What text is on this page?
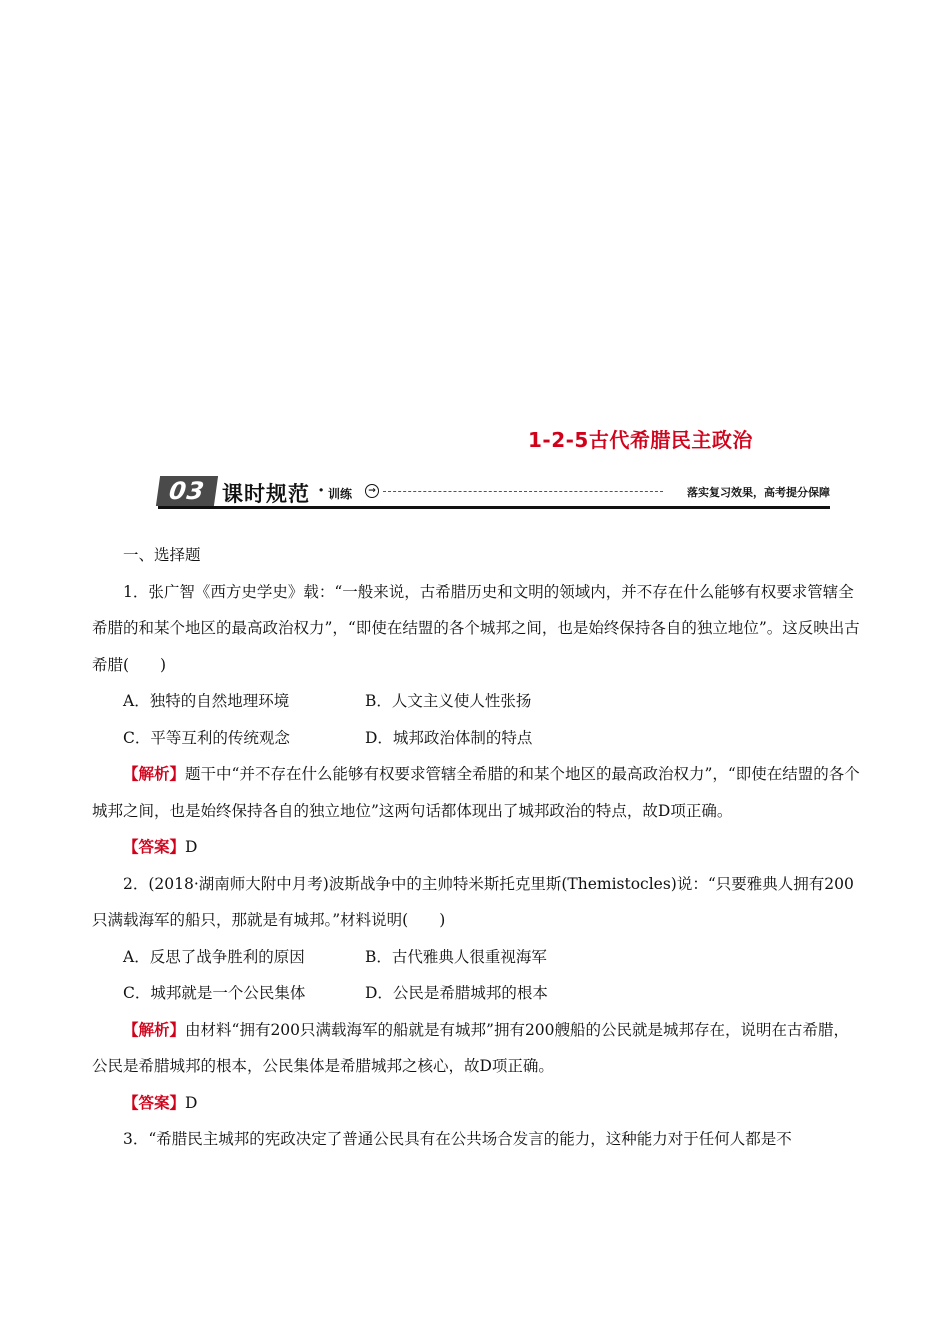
1-2-5古代希腊民主政治
03 课时规范 · 训练	→	落实复习效果，高考提分保障

一、选择题

1．张广智《西方史学史》载：“一般来说，古希腊历史和文明的领域内，并不存在什么能够有权要求管辖全希腊的和某个地区的最高政治权力”，“即使在结盟的各个城邦之间，也是始终保持各自的独立地位”。这反映出古希腊(　　)

A．独特的自然地理环境	B．人文主义使人性张扬
C．平等互利的传统观念	D．城邦政治体制的特点

【解析】题干中“并不存在什么能够有权要求管辖全希腊的和某个地区的最高政治权力”，“即使在结盟的各个城邦之间，也是始终保持各自的独立地位”这两句话都体现出了城邦政治的特点，故D项正确。

【答案】D

2．(2018·湖南师大附中月考)波斯战争中的主帅特米斯托克里斯(Themistocles)说：“只要雅典人拥有200只满载海军的船只，那就是有城邦。”材料说明(　　)

A．反思了战争胜利的原因	B．古代雅典人很重视海军
C．城邦就是一个公民集体	D．公民是希腊城邦的根本

【解析】由材料“拥有200只满载海军的船就是有城邦”拥有200艘船的公民就是城邦存在，说明在古希腊，公民是希腊城邦的根本，公民集体是希腊城邦之核心，故D项正确。

【答案】D

3．“希腊民主城邦的宪政决定了普通公民具有在公共场合发言的能力，这种能力对于任何人都是不
